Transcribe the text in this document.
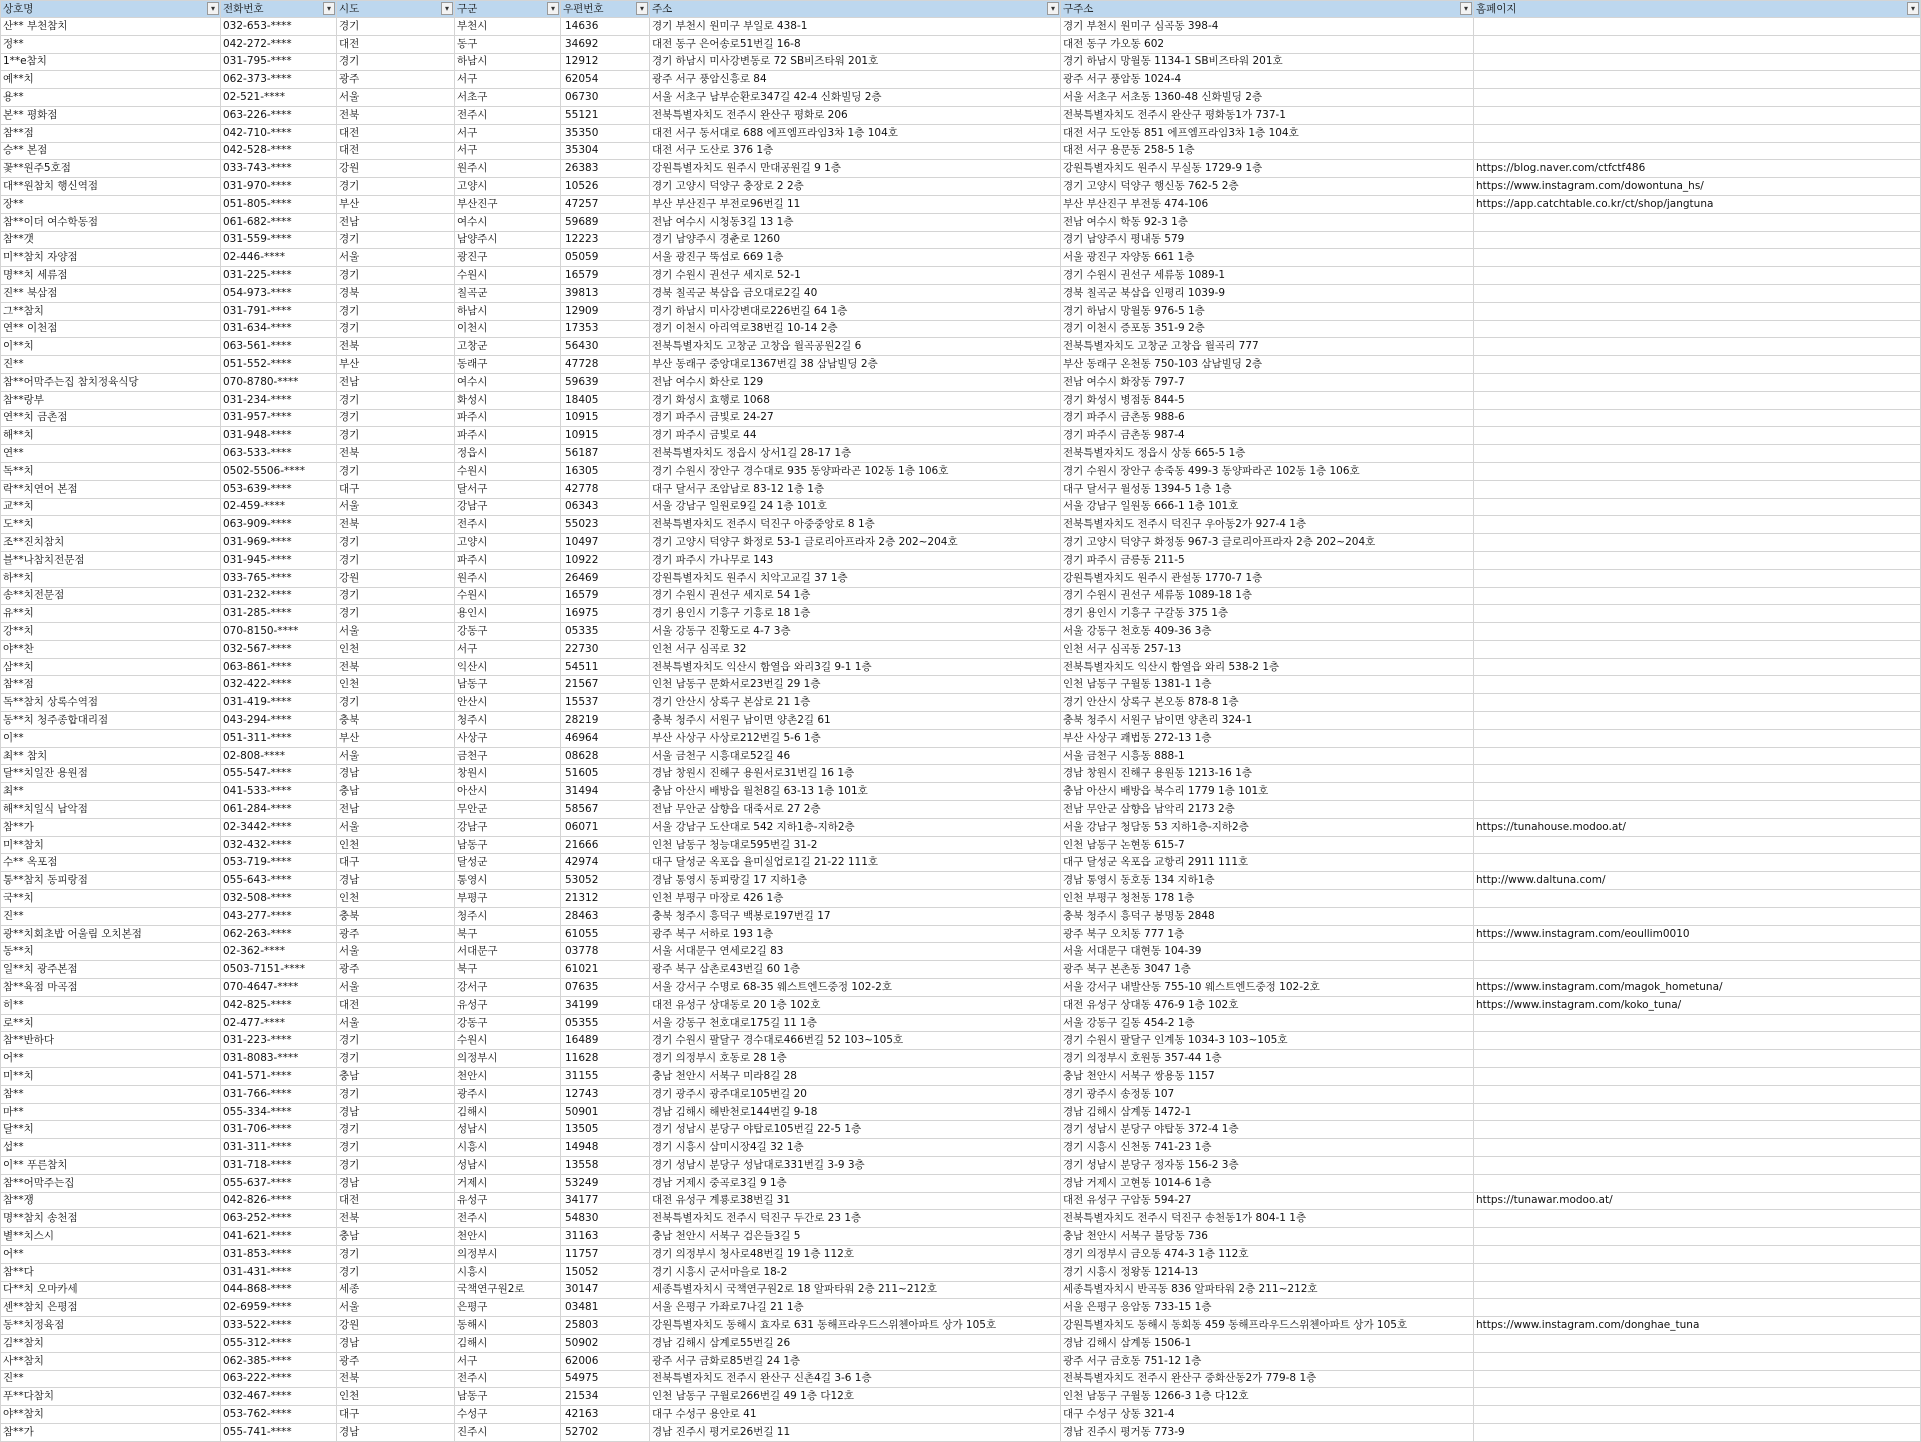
상호명 ▾	전화번호 ▾	시도 ▾	구군 ▾	우편번호 ▾	주소 ▾	구주소 ▾	홈페이지 ▾

산** 부천참치	032-653-****	경기	부천시	14636	경기 부천시 원미구 부일로 438-1	경기 부천시 원미구 심곡동 398-4	
정**	042-272-****	대전	동구	34692	대전 동구 은어송로51번길 16-8	대전 동구 가오동 602	
1**e참치	031-795-****	경기	하남시	12912	경기 하남시 미사강변동로 72 SB비즈타워 201호	경기 하남시 망월동 1134-1 SB비즈타워 201호	
예**치	062-373-****	광주	서구	62054	광주 서구 풍암신흥로 84	광주 서구 풍암동 1024-4	
용**	02-521-****	서울	서초구	06730	서울 서초구 남부순환로347길 42-4 신화빌딩 2층	서울 서초구 서초동 1360-48 신화빌딩 2층	
본** 평화점	063-226-****	전북	전주시	55121	전북특별자치도 전주시 완산구 평화로 206	전북특별자치도 전주시 완산구 평화동1가 737-1	
참**점	042-710-****	대전	서구	35350	대전 서구 동서대로 688 에프엠프라임3차 1층 104호	대전 서구 도안동 851 에프엠프라임3차 1층 104호	
승** 본점	042-528-****	대전	서구	35304	대전 서구 도산로 376 1층	대전 서구 용문동 258-5 1층	
꽃**원주5호점	033-743-****	강원	원주시	26383	강원특별자치도 원주시 만대공원길 9 1층	강원특별자치도 원주시 무실동 1729-9 1층	https://blog.naver.com/ctfctf486
대**원참치 행신역점	031-970-****	경기	고양시	10526	경기 고양시 덕양구 충장로 2 2층	경기 고양시 덕양구 행신동 762-5 2층	https://www.instagram.com/dowontuna_hs/
장**	051-805-****	부산	부산진구	47257	부산 부산진구 부전로96번길 11	부산 부산진구 부전동 474-106	https://app.catchtable.co.kr/ct/shop/jangtuna
참**이더 여수학동점	061-682-****	전남	여수시	59689	전남 여수시 시청동3길 13 1층	전남 여수시 학동 92-3 1층	
참**갯	031-559-****	경기	남양주시	12223	경기 남양주시 경춘로 1260	경기 남양주시 평내동 579	
미**참치 자양점	02-446-****	서울	광진구	05059	서울 광진구 뚝섬로 669 1층	서울 광진구 자양동 661 1층	
명**치 세류점	031-225-****	경기	수원시	16579	경기 수원시 권선구 세지로 52-1	경기 수원시 권선구 세류동 1089-1	
진** 북삼점	054-973-****	경북	칠곡군	39813	경북 칠곡군 북삼읍 금오대로2길 40	경북 칠곡군 북삼읍 인평리 1039-9	
그**참치	031-791-****	경기	하남시	12909	경기 하남시 미사강변대로226번길 64 1층	경기 하남시 망월동 976-5 1층	
연** 이천점	031-634-****	경기	이천시	17353	경기 이천시 아리역로38번길 10-14 2층	경기 이천시 증포동 351-9 2층	
이**치	063-561-****	전북	고창군	56430	전북특별자치도 고창군 고창읍 월곡공원2길 6	전북특별자치도 고창군 고창읍 월곡리 777	
진**	051-552-****	부산	동래구	47728	부산 동래구 중앙대로1367번길 38 삼남빌딩 2층	부산 동래구 온천동 750-103 삼남빌딩 2층	
참**어막주는집 참치정육식당	070-8780-****	전남	여수시	59639	전남 여수시 화산로 129	전남 여수시 화장동 797-7	
참**랑부	031-234-****	경기	화성시	18405	경기 화성시 효행로 1068	경기 화성시 병점동 844-5	
연**치 금촌점	031-957-****	경기	파주시	10915	경기 파주시 금빛로 24-27	경기 파주시 금촌동 988-6	
해**치	031-948-****	경기	파주시	10915	경기 파주시 금빛로 44	경기 파주시 금촌동 987-4	
연**	063-533-****	전북	정읍시	56187	전북특별자치도 정읍시 상서1길 28-17 1층	전북특별자치도 정읍시 상동 665-5 1층	
독**치	0502-5506-****	경기	수원시	16305	경기 수원시 장안구 경수대로 935 동양파라곤 102동 1층 106호	경기 수원시 장안구 송죽동 499-3 동양파라곤 102동 1층 106호	
락**치연어 본점	053-639-****	대구	달서구	42778	대구 달서구 조암남로 83-12 1층 1층	대구 달서구 월성동 1394-5 1층 1층	
교**치	02-459-****	서울	강남구	06343	서울 강남구 일원로9길 24 1층 101호	서울 강남구 일원동 666-1 1층 101호	
도**치	063-909-****	전북	전주시	55023	전북특별자치도 전주시 덕진구 아중중앙로 8 1층	전북특별자치도 전주시 덕진구 우아동2가 927-4 1층	
조**진치참치	031-969-****	경기	고양시	10497	경기 고양시 덕양구 화정로 53-1 글로리아프라자 2층 202~204호	경기 고양시 덕양구 화정동 967-3 글로리아프라자 2층 202~204호	
블**나참치전문점	031-945-****	경기	파주시	10922	경기 파주시 가나무로 143	경기 파주시 금릉동 211-5	
하**치	033-765-****	강원	원주시	26469	강원특별자치도 원주시 치악고교길 37 1층	강원특별자치도 원주시 관설동 1770-7 1층	
송**치전문점	031-232-****	경기	수원시	16579	경기 수원시 권선구 세지로 54 1층	경기 수원시 권선구 세류동 1089-18 1층	
유**치	031-285-****	경기	용인시	16975	경기 용인시 기흥구 기흥로 18 1층	경기 용인시 기흥구 구갈동 375 1층	
강**치	070-8150-****	서울	강동구	05335	서울 강동구 진황도로 4-7 3층	서울 강동구 천호동 409-36 3층	
야**찬	032-567-****	인천	서구	22730	인천 서구 심곡로 32	인천 서구 심곡동 257-13	
삼**치	063-861-****	전북	익산시	54511	전북특별자치도 익산시 함열읍 와리3길 9-1 1층	전북특별자치도 익산시 함열읍 와리 538-2 1층	
참**점	032-422-****	인천	남동구	21567	인천 남동구 문화서로23번길 29 1층	인천 남동구 구월동 1381-1 1층	
독**참치 상록수역점	031-419-****	경기	안산시	15537	경기 안산시 상록구 본삼로 21 1층	경기 안산시 상록구 본오동 878-8 1층	
동**치 청주종합대리점	043-294-****	충북	청주시	28219	충북 청주시 서원구 남이면 양촌2길 61	충북 청주시 서원구 남이면 양촌리 324-1	
이**	051-311-****	부산	사상구	46964	부산 사상구 사상로212번길 5-6 1층	부산 사상구 괘법동 272-13 1층	
최** 참치	02-808-****	서울	금천구	08628	서울 금천구 시흥대로52길 46	서울 금천구 시흥동 888-1	
달**치일잔 용원점	055-547-****	경남	창원시	51605	경남 창원시 진해구 용원서로31번길 16 1층	경남 창원시 진해구 용원동 1213-16 1층	
최**	041-533-****	충남	아산시	31494	충남 아산시 배방읍 월천8길 63-13 1층 101호	충남 아산시 배방읍 북수리 1779 1층 101호	
해**치일식 남악점	061-284-****	전남	무안군	58567	전남 무안군 삼향읍 대죽서로 27 2층	전남 무안군 삼향읍 남악리 2173 2층	
참**가	02-3442-****	서울	강남구	06071	서울 강남구 도산대로 542 지하1층-지하2층	서울 강남구 청담동 53 지하1층-지하2층	https://tunahouse.modoo.at/
미**참치	032-432-****	인천	남동구	21666	인천 남동구 청능대로595번길 31-2	인천 남동구 논현동 615-7	
수** 옥포점	053-719-****	대구	달성군	42974	대구 달성군 옥포읍 율미실업로1길 21-22 111호	대구 달성군 옥포읍 교항리 2911 111호	
통**참치 동피랑점	055-643-****	경남	통영시	53052	경남 통영시 동피랑길 17 지하1층	경남 통영시 동호동 134 지하1층	http://www.daltuna.com/
국**치	032-508-****	인천	부평구	21312	인천 부평구 마장로 426 1층	인천 부평구 청천동 178 1층	
진**	043-277-****	충북	청주시	28463	충북 청주시 흥덕구 백봉로197번길 17	충북 청주시 흥덕구 봉명동 2848	
광**치회초밥 어울림 오치본점	062-263-****	광주	북구	61055	광주 북구 서하로 193 1층	광주 북구 오치동 777 1층	https://www.instagram.com/eoullim0010
동**치	02-362-****	서울	서대문구	03778	서울 서대문구 연세로2길 83	서울 서대문구 대현동 104-39	
일**치 광주본점	0503-7151-****	광주	북구	61021	광주 북구 삼촌로43번길 60 1층	광주 북구 본촌동 3047 1층	
참**육점 마곡점	070-4647-****	서울	강서구	07635	서울 강서구 수명로 68-35 웨스트엔드중정 102-2호	서울 강서구 내발산동 755-10 웨스트엔드중정 102-2호	https://www.instagram.com/magok_hometuna/
히**	042-825-****	대전	유성구	34199	대전 유성구 상대동로 20 1층 102호	대전 유성구 상대동 476-9 1층 102호	https://www.instagram.com/koko_tuna/
로**치	02-477-****	서울	강동구	05355	서울 강동구 천호대로175길 11 1층	서울 강동구 길동 454-2 1층	
참**반하다	031-223-****	경기	수원시	16489	경기 수원시 팔달구 경수대로466번길 52 103~105호	경기 수원시 팔달구 인계동 1034-3 103~105호	
어**	031-8083-****	경기	의정부시	11628	경기 의정부시 호동로 28 1층	경기 의정부시 호원동 357-44 1층	
미**치	041-571-****	충남	천안시	31155	충남 천안시 서북구 미라8길 28	충남 천안시 서북구 쌍용동 1157	
참**	031-766-****	경기	광주시	12743	경기 광주시 광주대로105번길 20	경기 광주시 송정동 107	
마**	055-334-****	경남	김해시	50901	경남 김해시 해반천로144번길 9-18	경남 김해시 삼계동 1472-1	
달**치	031-706-****	경기	성남시	13505	경기 성남시 분당구 야탑로105번길 22-5 1층	경기 성남시 분당구 야탑동 372-4 1층	
섭**	031-311-****	경기	시흥시	14948	경기 시흥시 삼미시장4길 32 1층	경기 시흥시 신천동 741-23 1층	
이** 푸른참치	031-718-****	경기	성남시	13558	경기 성남시 분당구 성남대로331번길 3-9 3층	경기 성남시 분당구 정자동 156-2 3층	
참**어막주는집	055-637-****	경남	거제시	53249	경남 거제시 중곡로3길 9 1층	경남 거제시 고현동 1014-6 1층	
참**쟁	042-826-****	대전	유성구	34177	대전 유성구 계룡로38번길 31	대전 유성구 구암동 594-27	https://tunawar.modoo.at/
명**참치 송천점	063-252-****	전북	전주시	54830	전북특별자치도 전주시 덕진구 두간로 23 1층	전북특별자치도 전주시 덕진구 송천동1가 804-1 1층	
별**치스시	041-621-****	충남	천안시	31163	충남 천안시 서북구 검은들3길 5	충남 천안시 서북구 불당동 736	
어**	031-853-****	경기	의정부시	11757	경기 의정부시 청사로48번길 19 1층 112호	경기 의정부시 금오동 474-3 1층 112호	
참**다	031-431-****	경기	시흥시	15052	경기 시흥시 군서마을로 18-2	경기 시흥시 정왕동 1214-13	
다**치 오마카세	044-868-****	세종	국책연구원2로	30147	세종특별자치시 국책연구원2로 18 알파타워 2층 211~212호	세종특별자치시 반곡동 836 알파타워 2층 211~212호	
센**참치 은평점	02-6959-****	서울	은평구	03481	서울 은평구 가좌로7나길 21 1층	서울 은평구 응암동 733-15 1층	
동**치정육점	033-522-****	강원	동해시	25803	강원특별자치도 동해시 효자로 631 동해프라우드스위첸아파트 상가 105호	강원특별자치도 동해시 동회동 459 동해프라우드스위첸아파트 상가 105호	https://www.instagram.com/donghae_tuna
김**참치	055-312-****	경남	김해시	50902	경남 김해시 삼계로55번길 26	경남 김해시 삼계동 1506-1	
사**참치	062-385-****	광주	서구	62006	광주 서구 금화로85번길 24 1층	광주 서구 금호동 751-12 1층	
진**	063-222-****	전북	전주시	54975	전북특별자치도 전주시 완산구 신촌4길 3-6 1층	전북특별자치도 전주시 완산구 중화산동2가 779-8 1층	
푸**다참치	032-467-****	인천	남동구	21534	인천 남동구 구월로266번길 49 1층 다12호	인천 남동구 구월동 1266-3 1층 다12호	
야**참치	053-762-****	대구	수성구	42163	대구 수성구 용안로 41	대구 수성구 상동 321-4	
참**가	055-741-****	경남	진주시	52702	경남 진주시 평거로26번길 11	경남 진주시 평거동 773-9	
